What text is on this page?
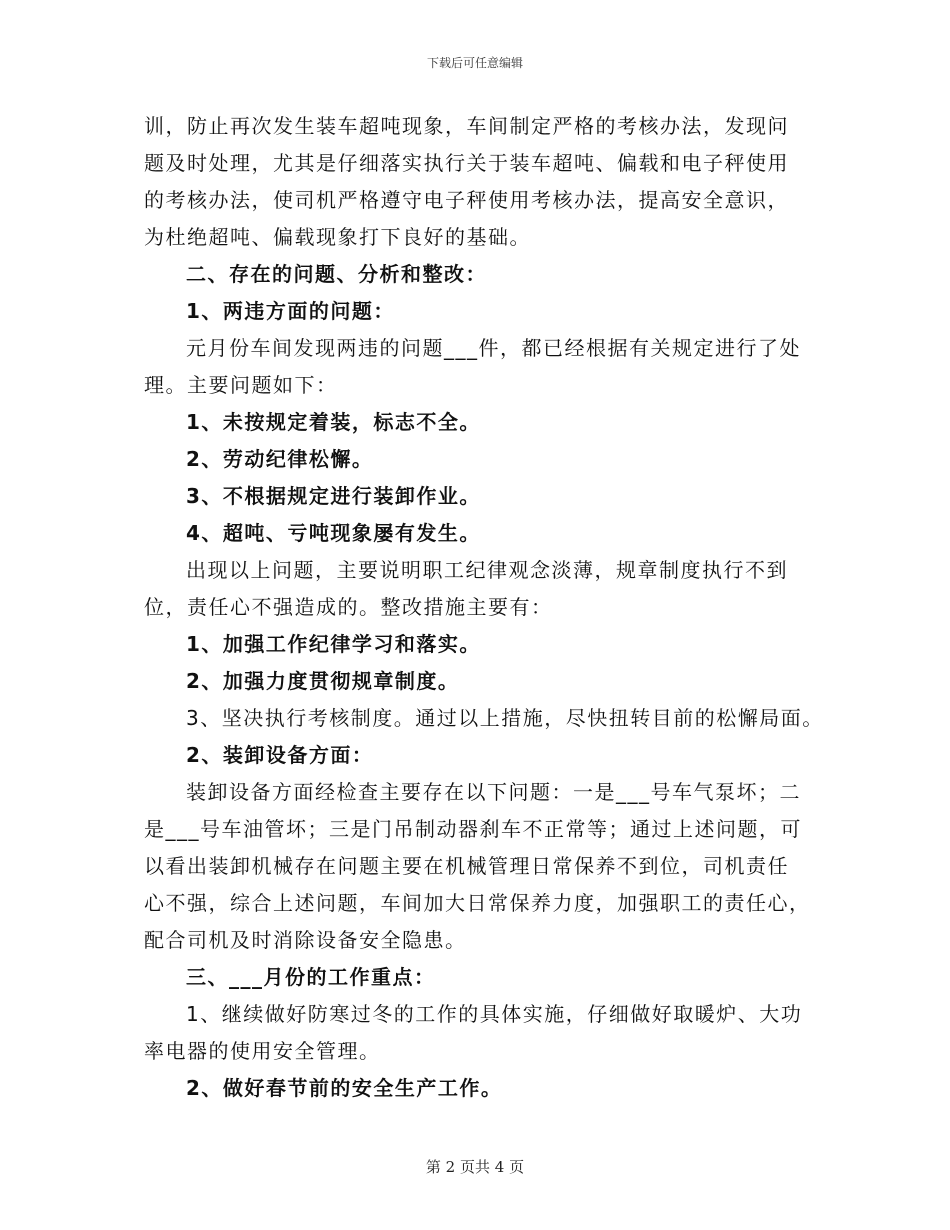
下载后可任意编辑
训，防止再次发生装车超吨现象，车间制定严格的考核办法，发现问
题及时处理，尤其是仔细落实执行关于装车超吨、偏载和电子秤使用
的考核办法，使司机严格遵守电子秤使用考核办法，提高安全意识，
为杜绝超吨、偏载现象打下良好的基础。
二、存在的问题、分析和整改：
1、两违方面的问题：
元月份车间发现两违的问题___件，都已经根据有关规定进行了处
理。主要问题如下：
1、未按规定着装，标志不全。
2、劳动纪律松懈。
3、不根据规定进行装卸作业。
4、超吨、亏吨现象屡有发生。
出现以上问题，主要说明职工纪律观念淡薄，规章制度执行不到
位，责任心不强造成的。整改措施主要有：
1、加强工作纪律学习和落实。
2、加强力度贯彻规章制度。
3、坚决执行考核制度。通过以上措施，尽快扭转目前的松懈局面。
2、装卸设备方面：
装卸设备方面经检查主要存在以下问题：一是___号车气泵坏；二
是___号车油管坏；三是门吊制动器刹车不正常等；通过上述问题，可
以看出装卸机械存在问题主要在机械管理日常保养不到位，司机责任
心不强，综合上述问题，车间加大日常保养力度，加强职工的责任心，
配合司机及时消除设备安全隐患。
三、___月份的工作重点：
1、继续做好防寒过冬的工作的具体实施，仔细做好取暖炉、大功
率电器的使用安全管理。
2、做好春节前的安全生产工作。
第 2 页共 4 页
